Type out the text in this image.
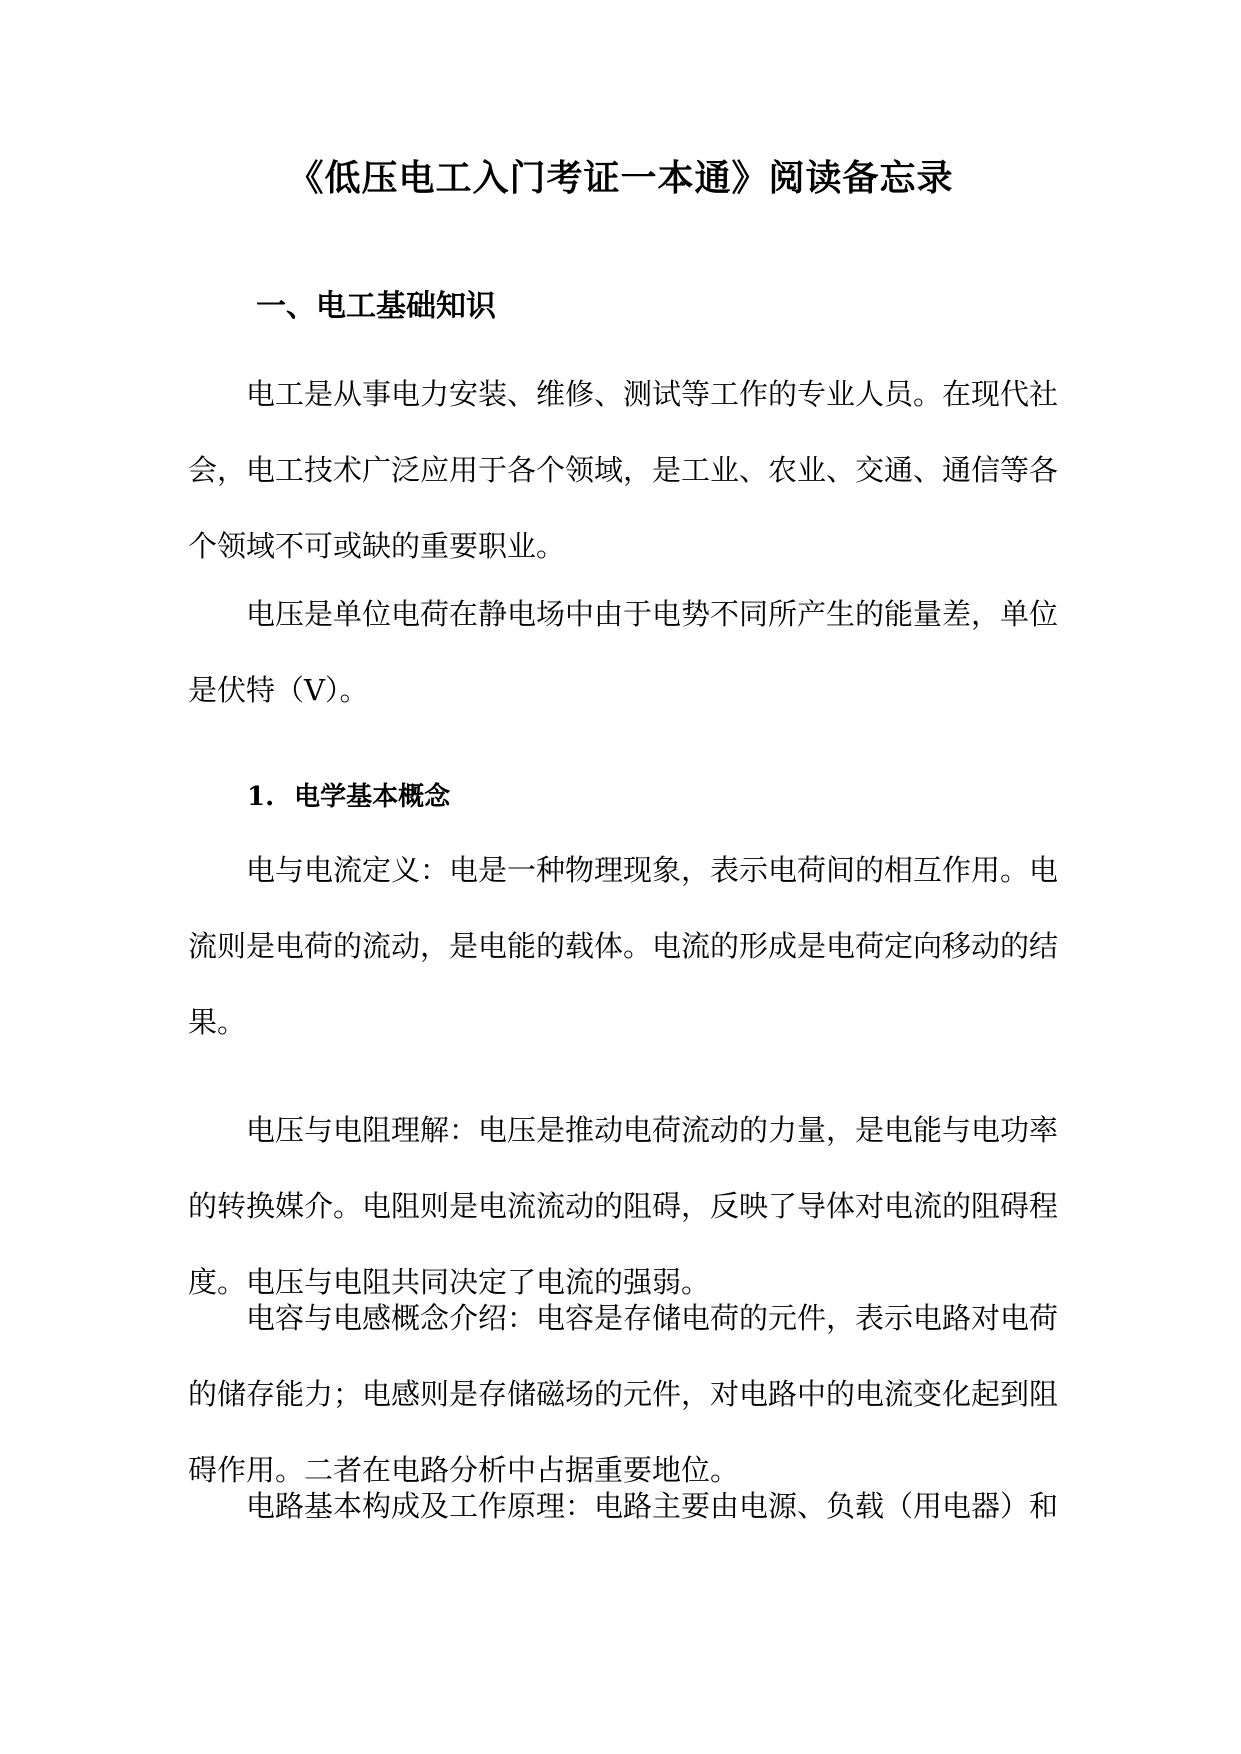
《低压电工入门考证一本通》阅读备忘录
一、电工基础知识

电工是从事电力安装、维修、测试等工作的专业人员。在现代社会，电工技术广泛应用于各个领域，是工业、农业、交通、通信等各个领域不可或缺的重要职业。

电压是单位电荷在静电场中由于电势不同所产生的能量差，单位是伏特（V）。

1. 电学基本概念

电与电流定义：电是一种物理现象，表示电荷间的相互作用。电流则是电荷的流动，是电能的载体。电流的形成是电荷定向移动的结果。

电压与电阻理解：电压是推动电荷流动的力量，是电能与电功率的转换媒介。电阻则是电流流动的阻碍，反映了导体对电流的阻碍程度。电压与电阻共同决定了电流的强弱。

电容与电感概念介绍：电容是存储电荷的元件，表示电路对电荷的储存能力；电感则是存储磁场的元件，对电路中的电流变化起到阻碍作用。二者在电路分析中占据重要地位。

电路基本构成及工作原理：电路主要由电源、负载（用电器）和
